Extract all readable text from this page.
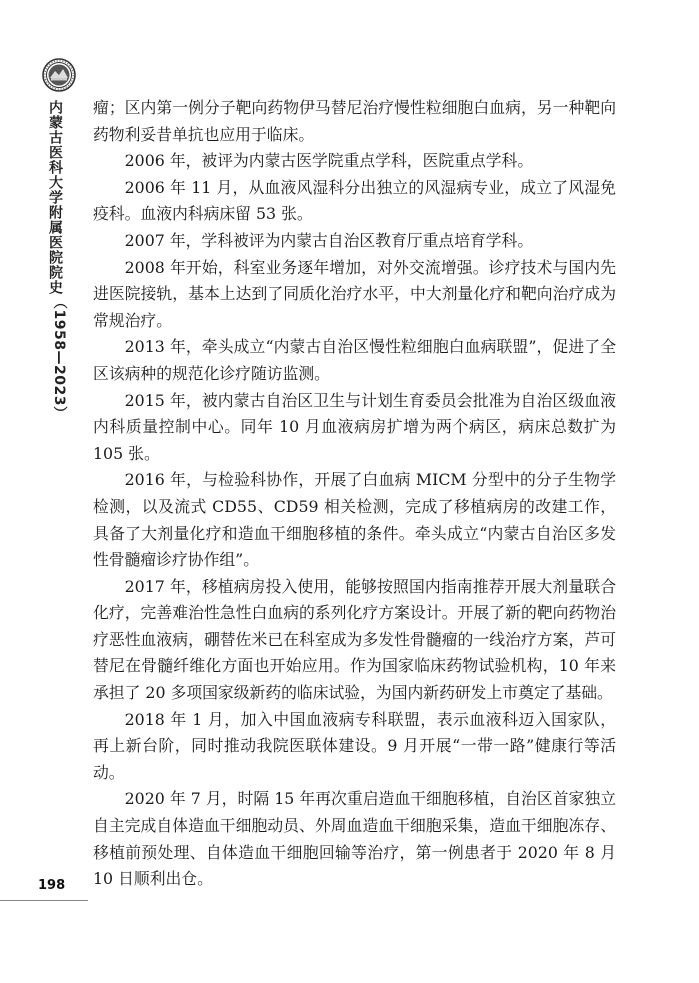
内蒙古医科大学附属医院院史（1958—2023）
198

瘤；区内第一例分子靶向药物伊马替尼治疗慢性粒细胞白血病，另一种靶向药物利妥昔单抗也应用于临床。

2006 年，被评为内蒙古医学院重点学科，医院重点学科。

2006 年 11 月，从血液风湿科分出独立的风湿病专业，成立了风湿免疫科。血液内科病床留 53 张。

2007 年，学科被评为内蒙古自治区教育厅重点培育学科。

2008 年开始，科室业务逐年增加，对外交流增强。诊疗技术与国内先进医院接轨，基本上达到了同质化治疗水平，中大剂量化疗和靶向治疗成为常规治疗。

2013 年，牵头成立“内蒙古自治区慢性粒细胞白血病联盟”，促进了全区该病种的规范化诊疗随访监测。

2015 年，被内蒙古自治区卫生与计划生育委员会批准为自治区级血液内科质量控制中心。同年 10 月血液病房扩增为两个病区，病床总数扩为 105 张。

2016 年，与检验科协作，开展了白血病 MICM 分型中的分子生物学检测，以及流式 CD55、CD59 相关检测，完成了移植病房的改建工作，具备了大剂量化疗和造血干细胞移植的条件。牵头成立“内蒙古自治区多发性骨髓瘤诊疗协作组”。

2017 年，移植病房投入使用，能够按照国内指南推荐开展大剂量联合化疗，完善难治性急性白血病的系列化疗方案设计。开展了新的靶向药物治疗恶性血液病，硼替佐米已在科室成为多发性骨髓瘤的一线治疗方案，芦可替尼在骨髓纤维化方面也开始应用。作为国家临床药物试验机构，10 年来承担了 20 多项国家级新药的临床试验，为国内新药研发上市奠定了基础。

2018 年 1 月，加入中国血液病专科联盟，表示血液科迈入国家队，再上新台阶，同时推动我院医联体建设。9 月开展“一带一路”健康行等活动。

2020 年 7 月，时隔 15 年再次重启造血干细胞移植，自治区首家独立自主完成自体造血干细胞动员、外周血造血干细胞采集，造血干细胞冻存、移植前预处理、自体造血干细胞回输等治疗，第一例患者于 2020 年 8 月 10 日顺利出仓。
